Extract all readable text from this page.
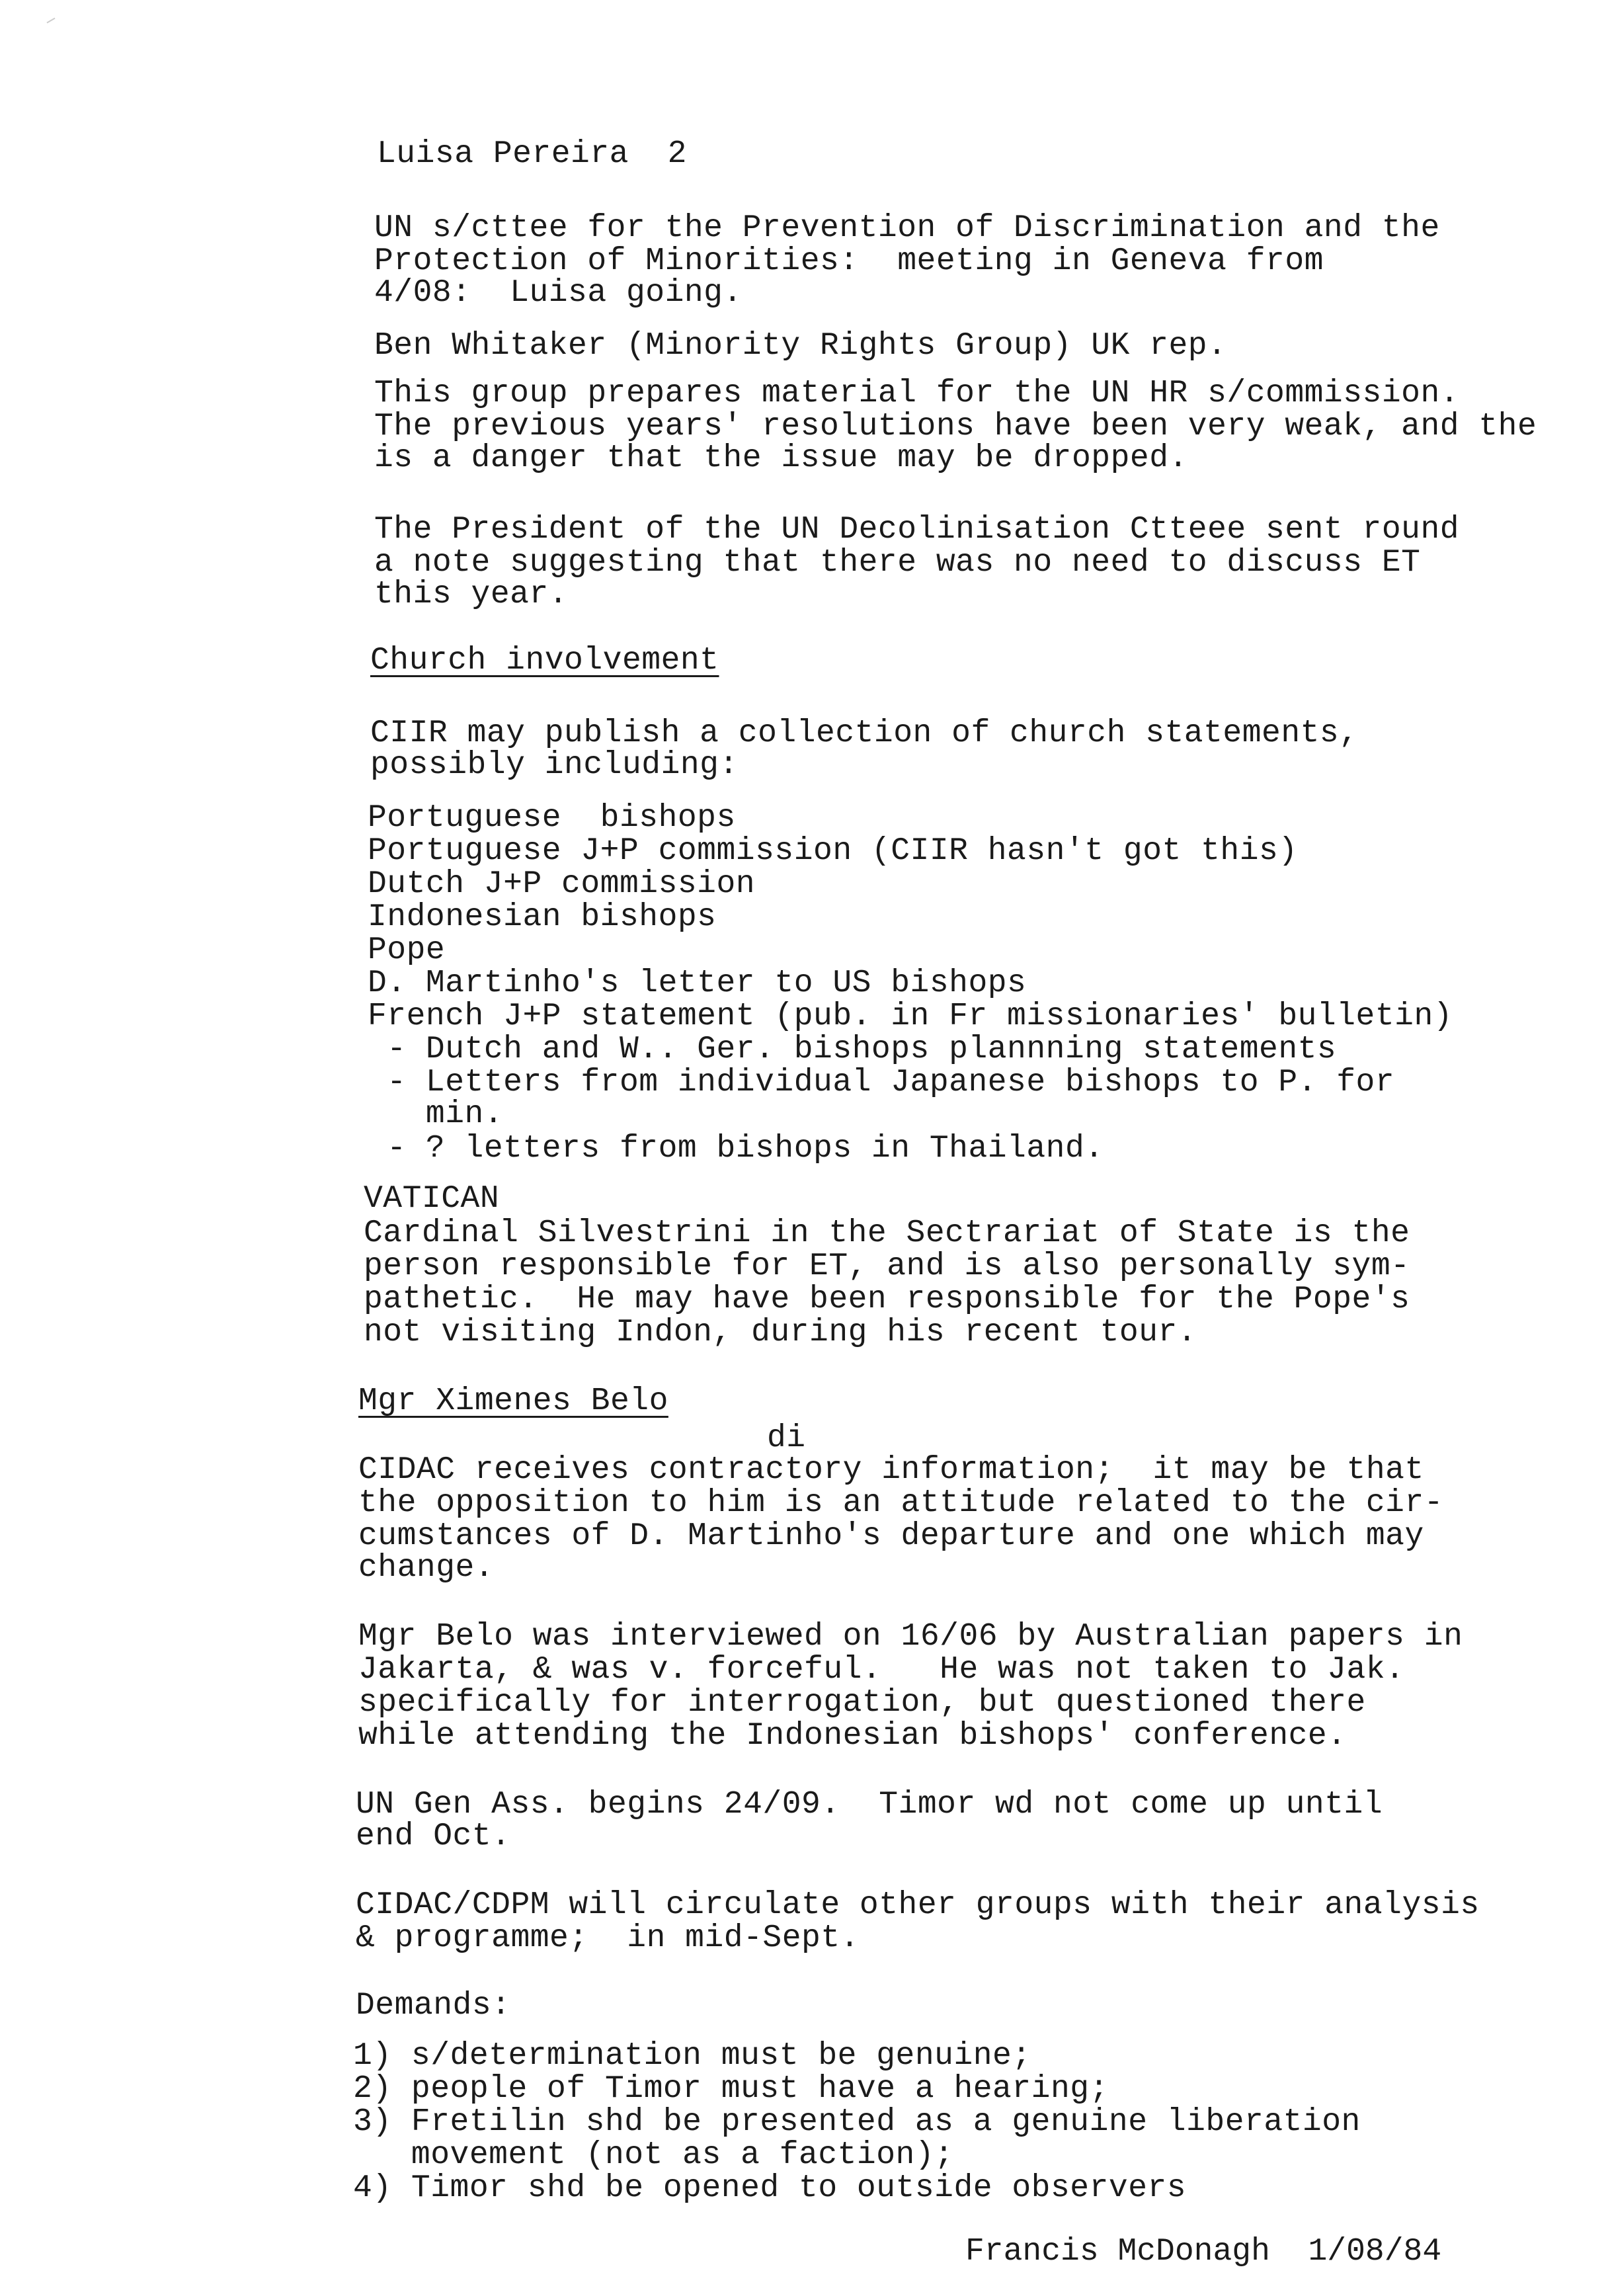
Luisa Pereira  2
UN s/cttee for the Prevention of Discrimination and the
Protection of Minorities:  meeting in Geneva from
4/08:  Luisa going.
Ben Whitaker (Minority Rights Group) UK rep.
This group prepares material for the UN HR s/commission.
The previous years' resolutions have been very weak, and the
is a danger that the issue may be dropped.
The President of the UN Decolinisation Ctteee sent round
a note suggesting that there was no need to discuss ET
this year.
Church involvement
CIIR may publish a collection of church statements,
possibly including:
Portuguese  bishops
Portuguese J+P commission (CIIR hasn't got this)
Dutch J+P commission
Indonesian bishops
Pope
D. Martinho's letter to US bishops
French J+P statement (pub. in Fr missionaries' bulletin)
- Dutch and W.. Ger. bishops plannning statements
- Letters from individual Japanese bishops to P. for
min.
- ? letters from bishops in Thailand.
VATICAN
Cardinal Silvestrini in the Sectrariat of State is the
person responsible for ET, and is also personally sym-
pathetic.  He may have been responsible for the Pope's
not visiting Indon, during his recent tour.
Mgr Ximenes Belo
di
CIDAC receives contractory information;  it may be that
the opposition to him is an attitude related to the cir-
cumstances of D. Martinho's departure and one which may
change.
Mgr Belo was interviewed on 16/06 by Australian papers in
Jakarta, & was v. forceful.   He was not taken to Jak.
specifically for interrogation, but questioned there
while attending the Indonesian bishops' conference.
UN Gen Ass. begins 24/09.  Timor wd not come up until
end Oct.
CIDAC/CDPM will circulate other groups with their analysis
& programme;  in mid-Sept.
Demands:
1) s/determination must be genuine;
2) people of Timor must have a hearing;
3) Fretilin shd be presented as a genuine liberation
movement (not as a faction);
4) Timor shd be opened to outside observers
Francis McDonagh  1/08/84
